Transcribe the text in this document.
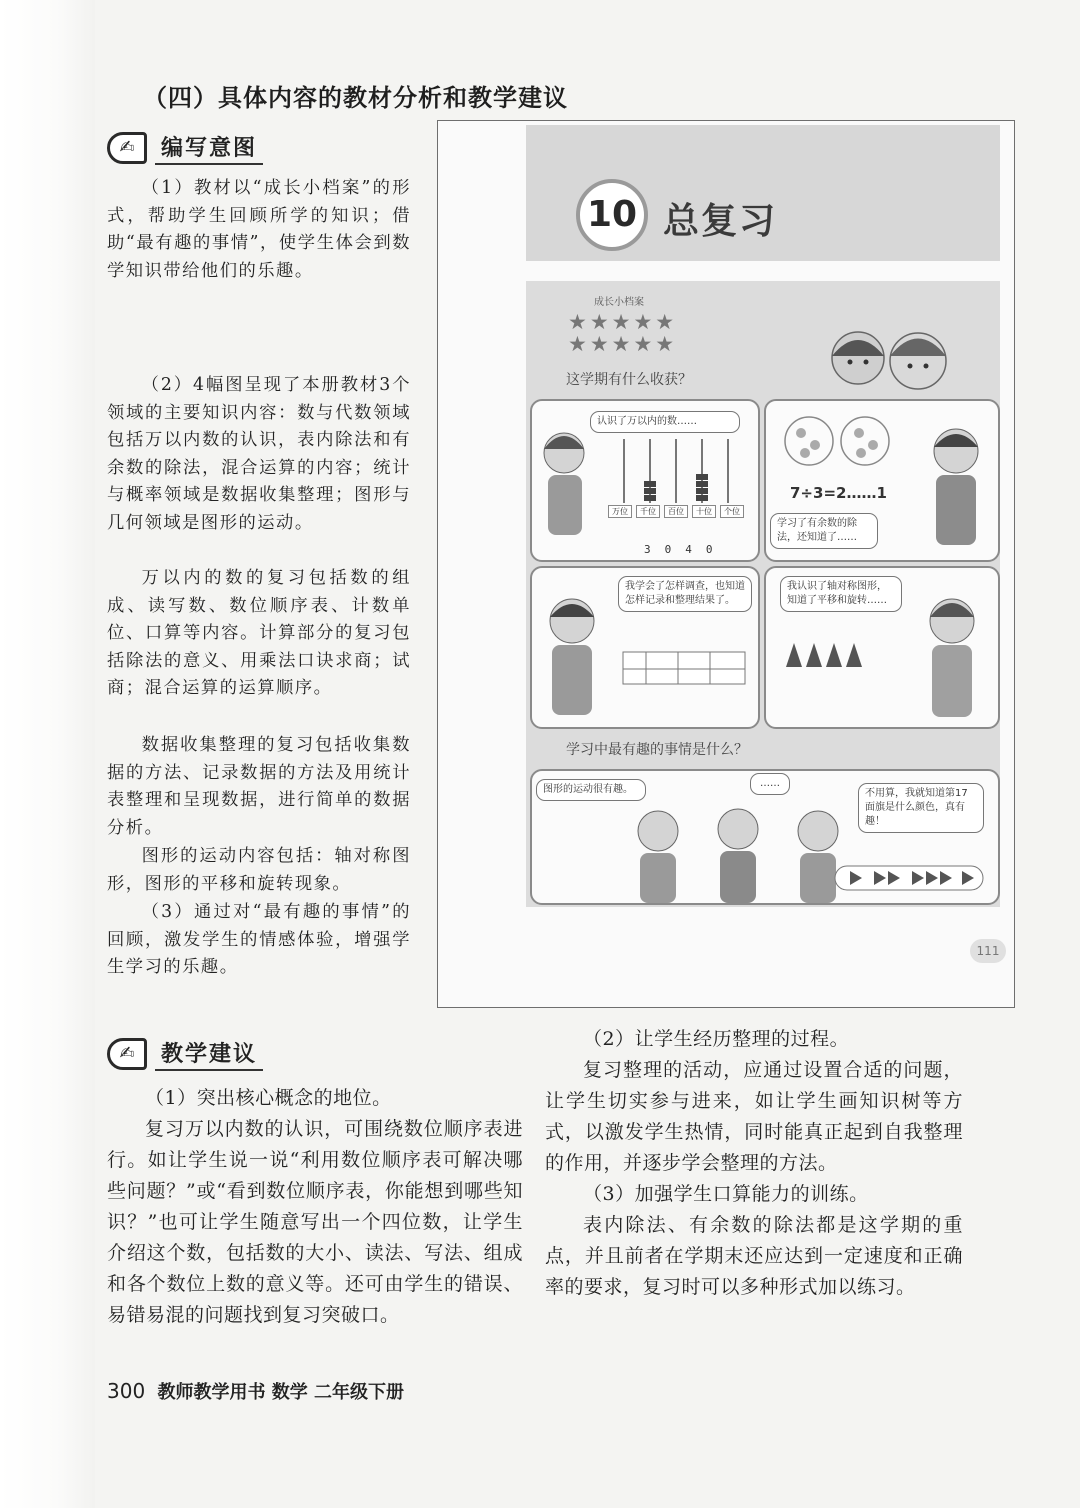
（四）具体内容的教材分析和教学建议
✍	编写意图
（1）教材以“成长小档案”的形式，帮助学生回顾所学的知识；借助“最有趣的事情”，使学生体会到数学知识带给他们的乐趣。
（2）4幅图呈现了本册教材3个领域的主要知识内容：数与代数领域包括万以内数的认识，表内除法和有余数的除法，混合运算的内容；统计与概率领域是数据收集整理；图形与几何领域是图形的运动。
万以内的数的复习包括数的组成、读写数、数位顺序表、计数单位、口算等内容。计算部分的复习包括除法的意义、用乘法口诀求商；试商；混合运算的运算顺序。
数据收集整理的复习包括收集数据的方法、记录数据的方法及用统计表整理和呈现数据，进行简单的数据分析。
图形的运动内容包括：轴对称图形，图形的平移和旋转现象。
（3）通过对“最有趣的事情”的回顾，激发学生的情感体验，增强学生学习的乐趣。
10 总复习
成长小档案
★★★★★
★★★★★
这学期有什么收获？
认识了万以内的数……
万位	千位	百位	十位	个位
3040
7÷3=2……1
学习了有余数的除法，还知道了……
我学会了怎样调查，也知道怎样记录和整理结果了。
我认识了轴对称图形，知道了平移和旋转……
学习中最有趣的事情是什么？
图形的运动很有趣。
……
不用算，我就知道第17面旗是什么颜色，真有趣！
111
✍	教学建议
（1）突出核心概念的地位。
复习万以内数的认识，可围绕数位顺序表进行。如让学生说一说“利用数位顺序表可解决哪些问题？”或“看到数位顺序表，你能想到哪些知识？”也可让学生随意写出一个四位数，让学生介绍这个数，包括数的大小、读法、写法、组成和各个数位上数的意义等。还可由学生的错误、易错易混的问题找到复习突破口。
（2）让学生经历整理的过程。
复习整理的活动，应通过设置合适的问题，让学生切实参与进来，如让学生画知识树等方式，以激发学生热情，同时能真正起到自我整理的作用，并逐步学会整理的方法。
（3）加强学生口算能力的训练。
表内除法、有余数的除法都是这学期的重点，并且前者在学期末还应达到一定速度和正确率的要求，复习时可以多种形式加以练习。
300 教师教学用书 数学 二年级下册
